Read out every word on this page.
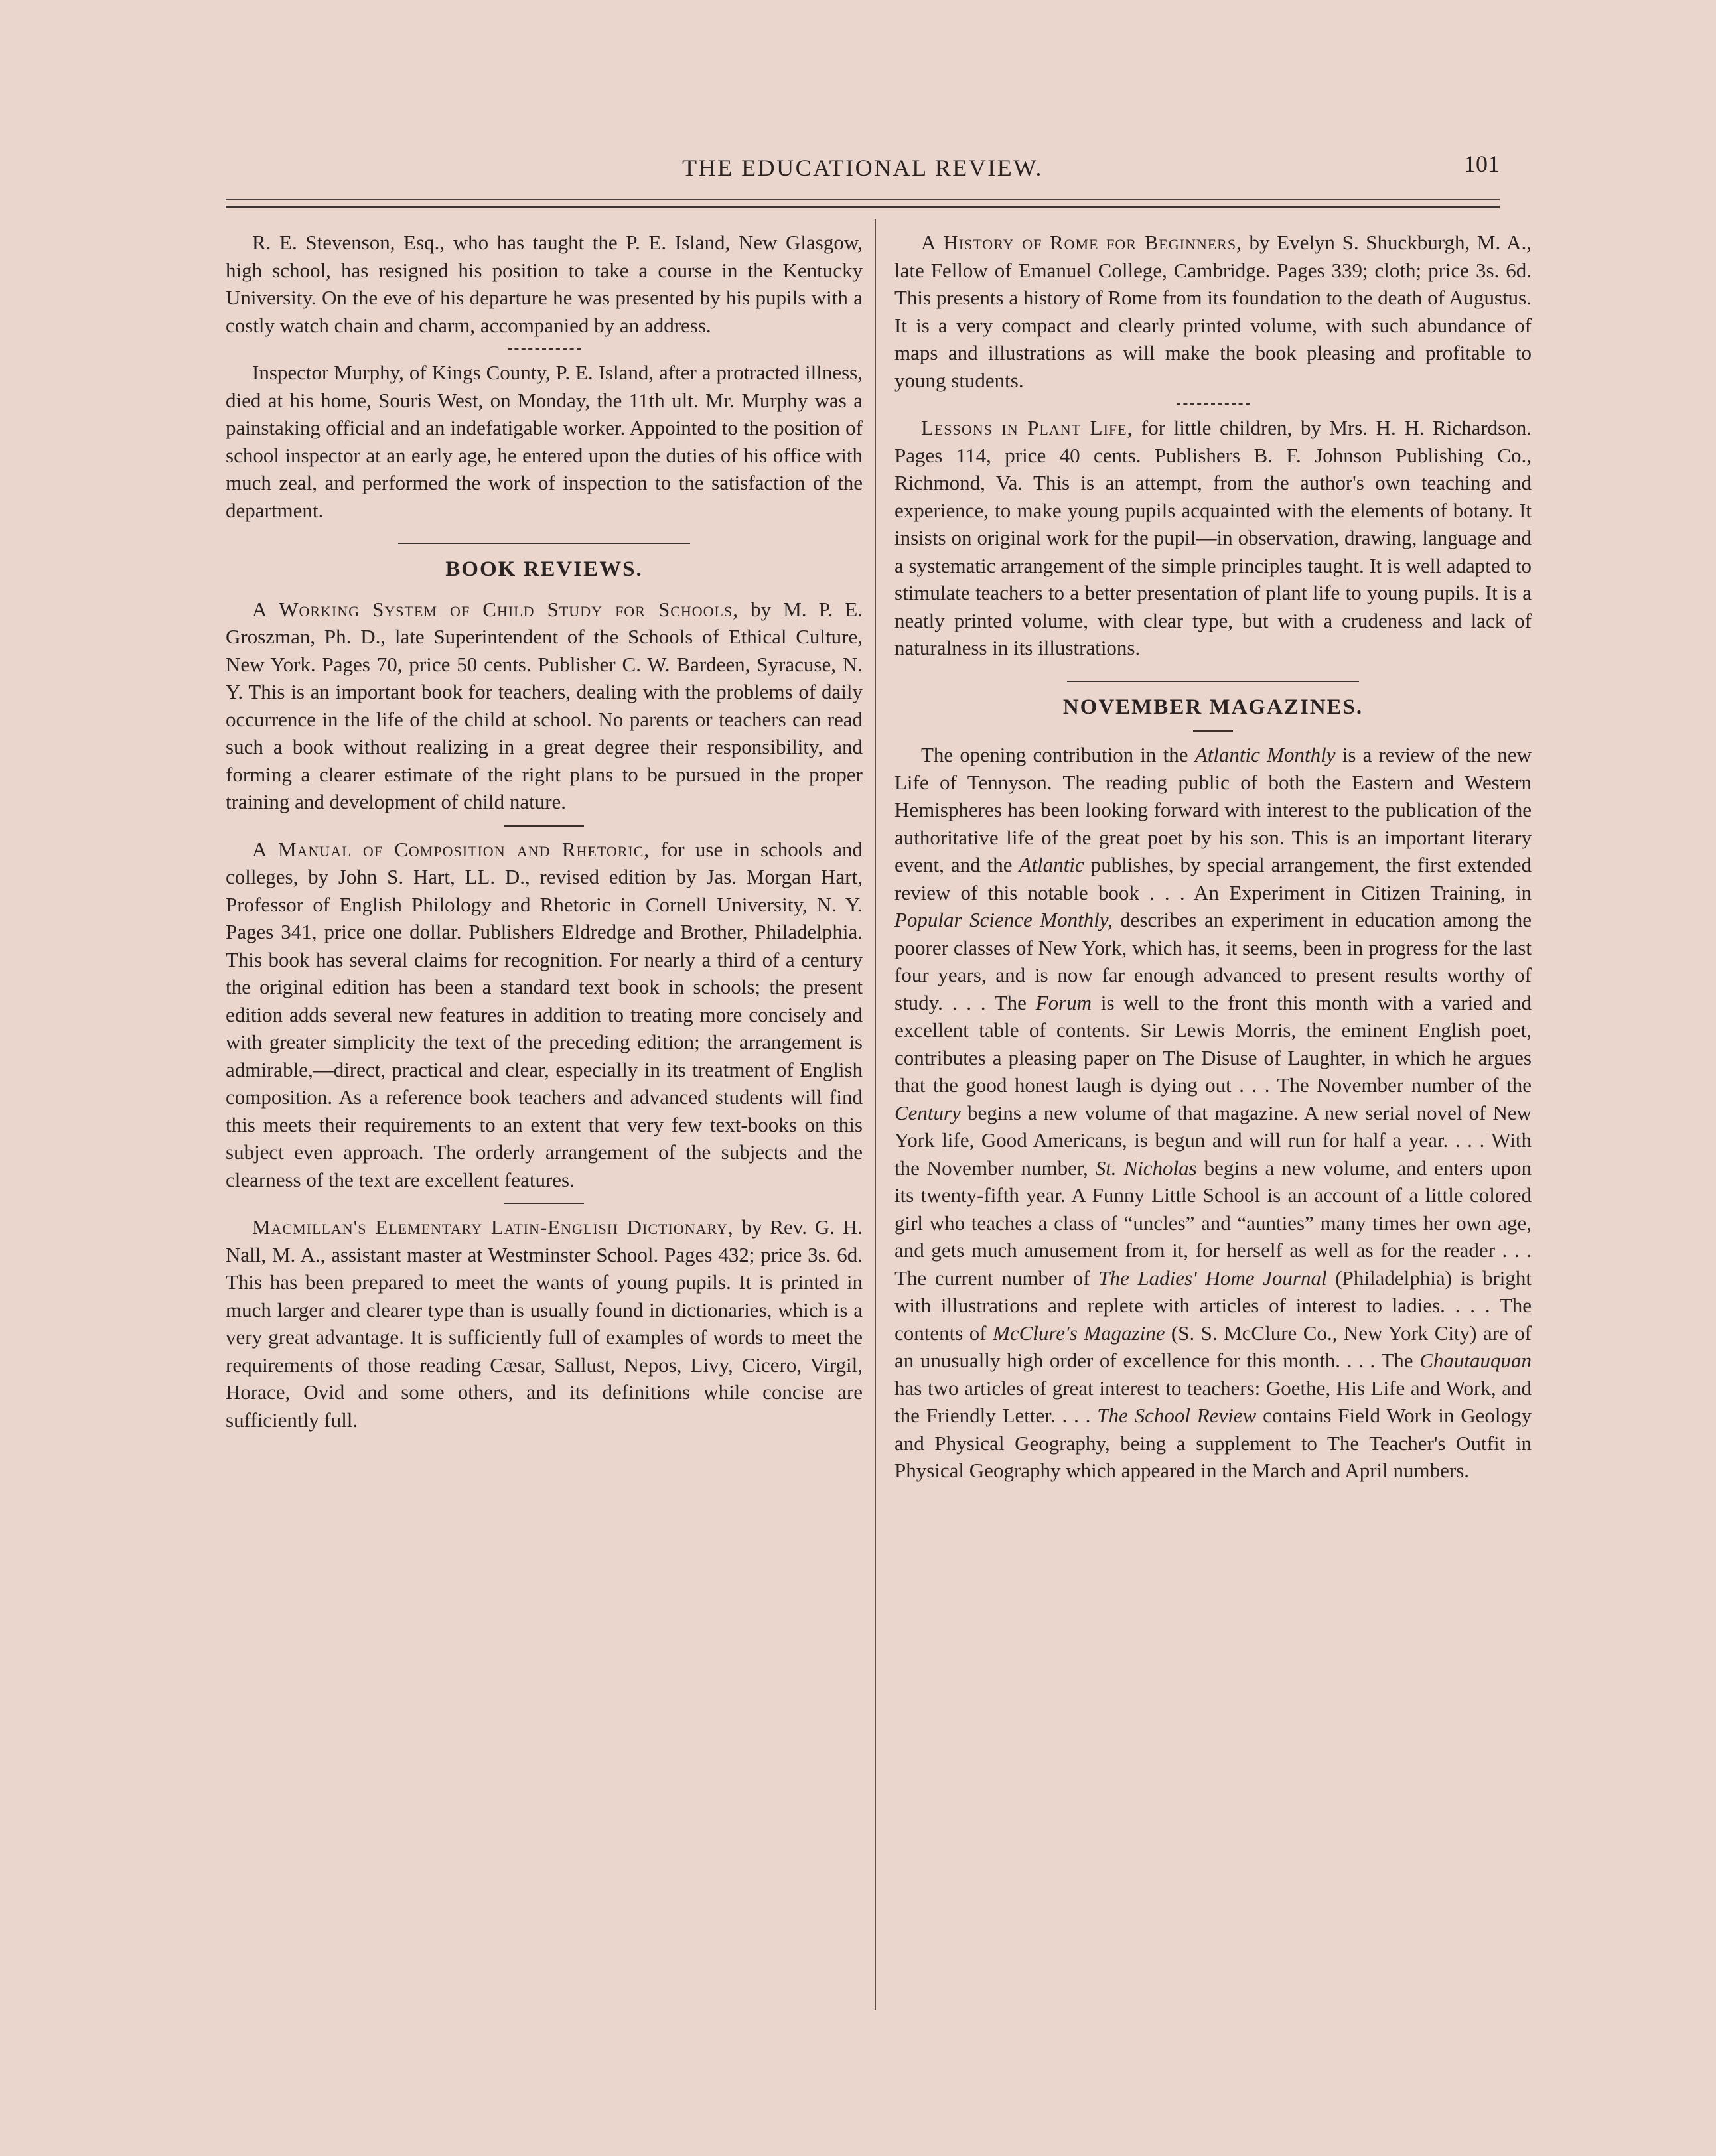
THE EDUCATIONAL REVIEW.	101

R. E. Stevenson, Esq., who has taught the P. E. Island, New Glasgow, high school, has resigned his position to take a course in the Kentucky University. On the eve of his departure he was presented by his pupils with a costly watch chain and charm, accompanied by an address.

Inspector Murphy, of Kings County, P. E. Island, after a protracted illness, died at his home, Souris West, on Monday, the 11th ult. Mr. Murphy was a painstaking official and an indefatigable worker. Appointed to the position of school inspector at an early age, he entered upon the duties of his office with much zeal, and performed the work of inspection to the satisfaction of the department.

BOOK REVIEWS.

A Working System of Child Study for Schools, by M. P. E. Groszman, Ph. D., late Superintendent of the Schools of Ethical Culture, New York. Pages 70, price 50 cents. Publisher C. W. Bardeen, Syracuse, N. Y. This is an important book for teachers, dealing with the problems of daily occurrence in the life of the child at school. No parents or teachers can read such a book without realizing in a great degree their responsibility, and forming a clearer estimate of the right plans to be pursued in the proper training and development of child nature.

A Manual of Composition and Rhetoric, for use in schools and colleges, by John S. Hart, LL. D., revised edition by Jas. Morgan Hart, Professor of English Philology and Rhetoric in Cornell University, N. Y. Pages 341, price one dollar. Publishers Eldredge and Brother, Philadelphia. This book has several claims for recognition. For nearly a third of a century the original edition has been a standard text book in schools; the present edition adds several new features in addition to treating more concisely and with greater simplicity the text of the preceding edition; the arrangement is admirable,—direct, practical and clear, especially in its treatment of English composition. As a reference book teachers and advanced students will find this meets their requirements to an extent that very few text-books on this subject even approach. The orderly arrangement of the subjects and the clearness of the text are excellent features.

Macmillan's Elementary Latin-English Dictionary, by Rev. G. H. Nall, M. A., assistant master at Westminster School. Pages 432; price 3s. 6d. This has been prepared to meet the wants of young pupils. It is printed in much larger and clearer type than is usually found in dictionaries, which is a very great advantage. It is sufficiently full of examples of words to meet the requirements of those reading Cæsar, Sallust, Nepos, Livy, Cicero, Virgil, Horace, Ovid and some others, and its definitions while concise are sufficiently full.

A History of Rome for Beginners, by Evelyn S. Shuckburgh, M. A., late Fellow of Emanuel College, Cambridge. Pages 339; cloth; price 3s. 6d. This presents a history of Rome from its foundation to the death of Augustus. It is a very compact and clearly printed volume, with such abundance of maps and illustrations as will make the book pleasing and profitable to young students.

Lessons in Plant Life, for little children, by Mrs. H. H. Richardson. Pages 114, price 40 cents. Publishers B. F. Johnson Publishing Co., Richmond, Va. This is an attempt, from the author's own teaching and experience, to make young pupils acquainted with the elements of botany. It insists on original work for the pupil—in observation, drawing, language and a systematic arrangement of the simple principles taught. It is well adapted to stimulate teachers to a better presentation of plant life to young pupils. It is a neatly printed volume, with clear type, but with a crudeness and lack of naturalness in its illustrations.

NOVEMBER MAGAZINES.

The opening contribution in the Atlantic Monthly is a review of the new Life of Tennyson. The reading public of both the Eastern and Western Hemispheres has been looking forward with interest to the publication of the authoritative life of the great poet by his son. This is an important literary event, and the Atlantic publishes, by special arrangement, the first extended review of this notable book . . . An Experiment in Citizen Training, in Popular Science Monthly, describes an experiment in education among the poorer classes of New York, which has, it seems, been in progress for the last four years, and is now far enough advanced to present results worthy of study. . . . The Forum is well to the front this month with a varied and excellent table of contents. Sir Lewis Morris, the eminent English poet, contributes a pleasing paper on The Disuse of Laughter, in which he argues that the good honest laugh is dying out . . . The November number of the Century begins a new volume of that magazine. A new serial novel of New York life, Good Americans, is begun and will run for half a year. . . . With the November number, St. Nicholas begins a new volume, and enters upon its twenty-fifth year. A Funny Little School is an account of a little colored girl who teaches a class of “uncles” and “aunties” many times her own age, and gets much amusement from it, for herself as well as for the reader . . . The current number of The Ladies' Home Journal (Philadelphia) is bright with illustrations and replete with articles of interest to ladies. . . . The contents of McClure's Magazine (S. S. McClure Co., New York City) are of an unusually high order of excellence for this month. . . . The Chautauquan has two articles of great interest to teachers: Goethe, His Life and Work, and the Friendly Letter. . . . The School Review contains Field Work in Geology and Physical Geography, being a supplement to The Teacher's Outfit in Physical Geography which appeared in the March and April numbers.
